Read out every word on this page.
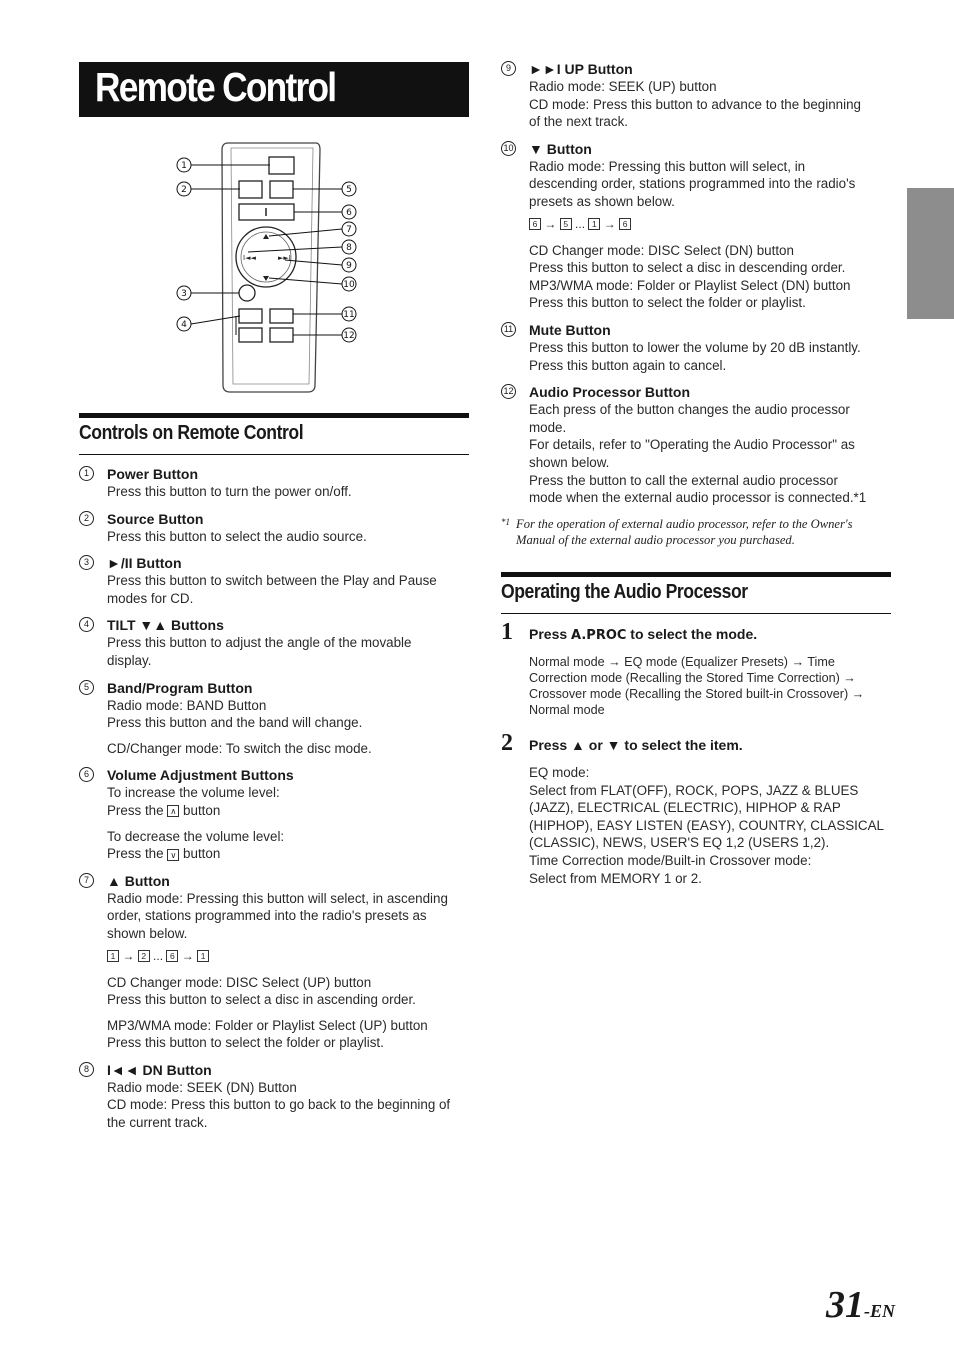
Remote Control
I◄◄	►►I
1
2
3
4
5
6
7
8
9
10
11
12
Controls on Remote Control
1	Power Button
Press this button to turn the power on/off.
2	Source Button
Press this button to select the audio source.
3	►/II Button
Press this button to switch between the Play and Pause
modes for CD.
4	TILT ▼▲ Buttons
Press this button to adjust the angle of the movable
display.
5	Band/Program Button
Radio mode: BAND Button
Press this button and the band will change.
CD/Changer mode: To switch the disc mode.
6	Volume Adjustment Buttons
To increase the volume level:
Press the ∧ button
To decrease the volume level:
Press the ∨ button
7	▲ Button
Radio mode: Pressing this button will select, in ascending
order, stations programmed into the radio's presets as
shown below.
1 → 2 ... 6 → 1
CD Changer mode: DISC Select (UP) button
Press this button to select a disc in ascending order.
MP3/WMA mode: Folder or Playlist Select (UP) button
Press this button to select the folder or playlist.
8	I◄◄ DN Button
Radio mode: SEEK (DN) Button
CD mode: Press this button to go back to the beginning of
the current track.
9	►►I UP Button
Radio mode: SEEK (UP) button
CD mode: Press this button to advance to the beginning
of the next track.
10 ▼ Button
Radio mode: Pressing this button will select, in
descending order, stations programmed into the radio's
presets as shown below.
6 → 5 ... 1 → 6
CD Changer mode: DISC Select (DN) button
Press this button to select a disc in descending order.
MP3/WMA mode: Folder or Playlist Select (DN) button
Press this button to select the folder or playlist.
11 Mute Button
Press this button to lower the volume by 20 dB instantly.
Press this button again to cancel.
12 Audio Processor Button
Each press of the button changes the audio processor
mode.
For details, refer to "Operating the Audio Processor" as
shown below.
Press the button to call the external audio processor
mode when the external audio processor is connected.*1
*1 For the operation of external audio processor, refer to the Owner's
Manual of the external audio processor you purchased.
Operating the Audio Processor
1 Press A.PROC to select the mode.
Normal mode → EQ mode (Equalizer Presets) → Time
Correction mode (Recalling the Stored Time Correction) →
Crossover mode (Recalling the Stored built-in Crossover) →
Normal mode
2 Press ▲ or ▼ to select the item.
EQ mode:
Select from FLAT(OFF), ROCK, POPS, JAZZ & BLUES
(JAZZ), ELECTRICAL (ELECTRIC), HIPHOP & RAP
(HIPHOP), EASY LISTEN (EASY), COUNTRY, CLASSICAL
(CLASSIC), NEWS, USER'S EQ 1,2 (USERS 1,2).
Time Correction mode/Built-in Crossover mode:
Select from MEMORY 1 or 2.
31-EN
